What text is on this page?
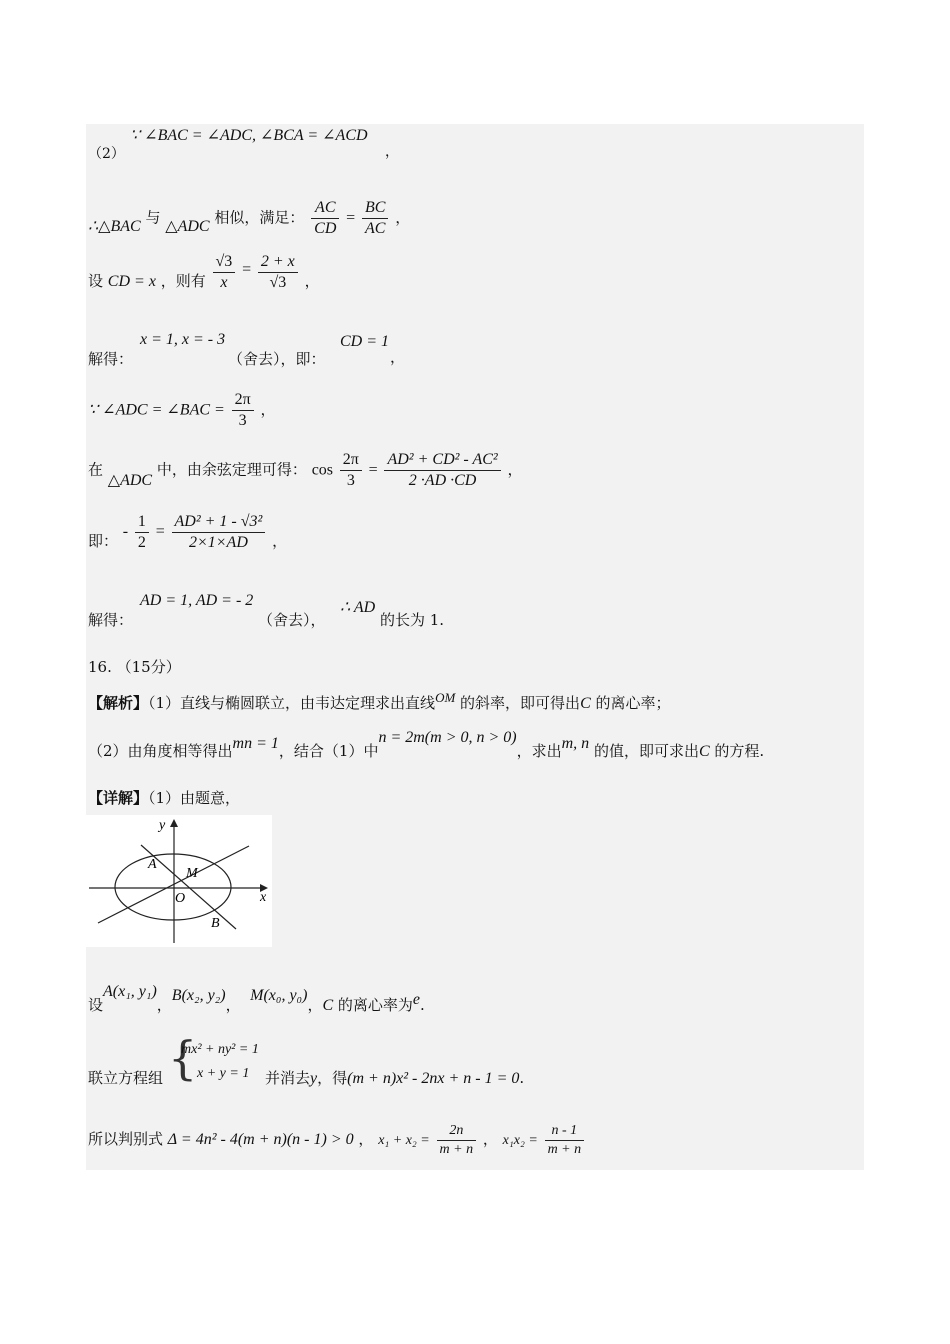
（2）
∵ ∠BAC = ∠ADC, ∠BCA = ∠ACD
，
∴△BAC 与 △ADC 相似，满足： $\frac{AC}{CD} = \frac{BC}{AC}$ ，
设 CD = x ，则有 $\frac{√3}{x} = \frac{2 + x}{√3}$ ，
解得：
x = 1, x = - 3
（舍去），即：
CD = 1
，
∵ ∠ADC = ∠BAC = $\frac{2\pi}{3}$ ，
在 △ADC 中，由余弦定理可得： $\cos \frac{2\pi}{3} = \frac{\text{AD² + CD² - AC²}}{2 \cdot AD \cdot CD}$ ，
即： - $\frac{1}{2} = \frac{\text{AD² + 1 - √3²}}{2\times 1\times AD}$ ，
解得：
AD = 1, AD = - 2
（舍去），
∴ AD
的长为 1.
16. （15分）
【解析】（1）直线与椭圆联立，由韦达定理求出直线OM 的斜率，即可得出C 的离心率；
（2）由角度相等得出mn = 1，结合（1）中n = 2m(m > 0, n > 0)，求出m, n 的值，即可求出C 的方程.
【详解】（1）由题意，
y
x
A
M
O
B
设A(x₁, y₁)，B(x₂, y₂)，  M(x₀, y₀)，C 的离心率为e.
联立方程组 {
mx² + ny² = 1
x + y = 1 并消去y，得(m + n)x² - 2nx + n - 1 = 0.
所以判别式 Δ = 4n² - 4(m + n)(n - 1) > 0 ， $x_1 + x_2 = \frac{2n}{m + n}$ ， $x_1x_2 = \frac{n - 1}{m + n}$
